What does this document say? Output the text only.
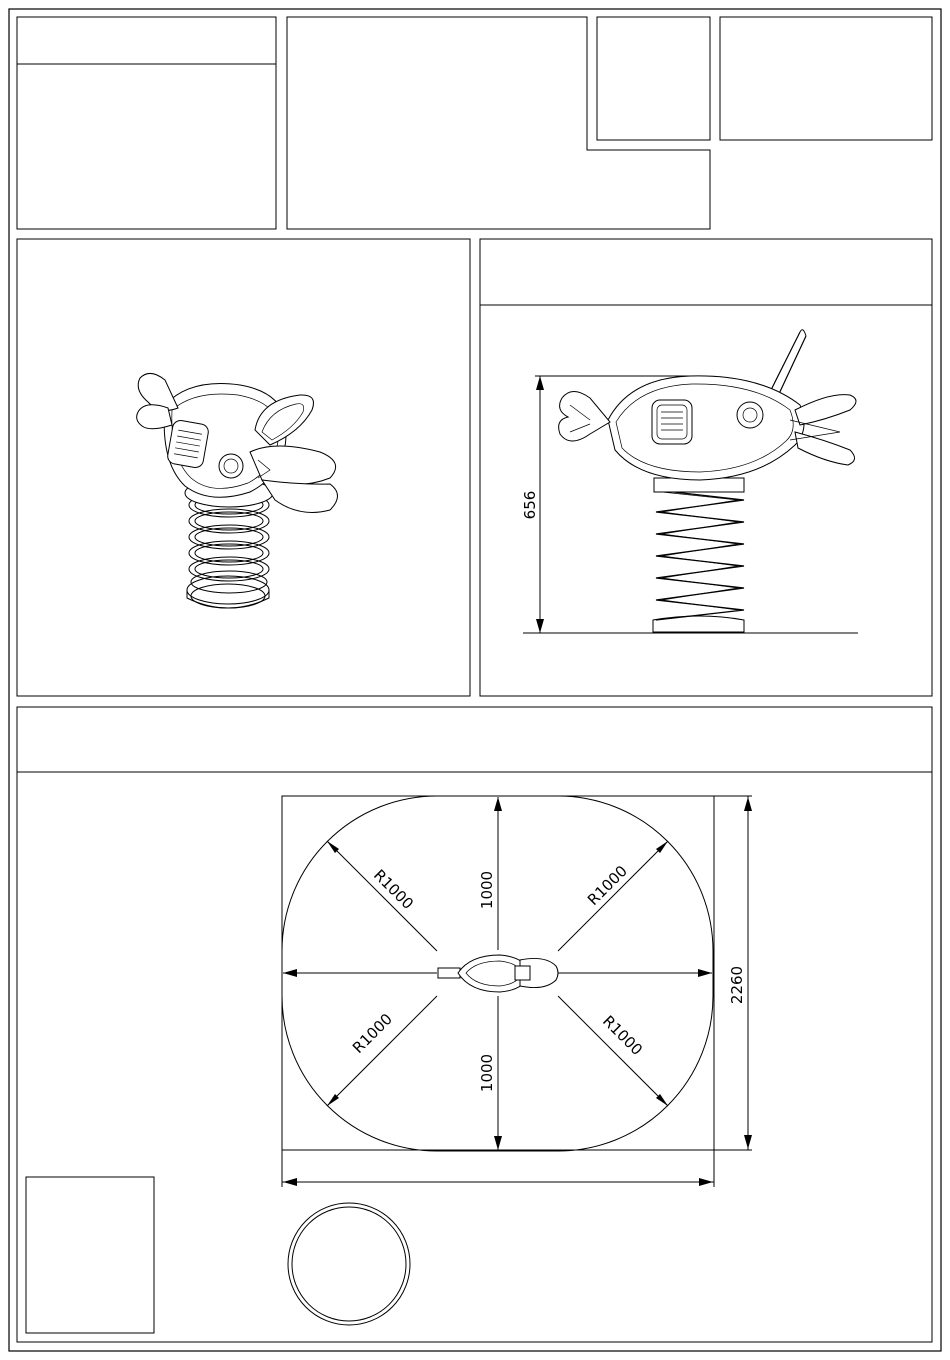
656
R1000	R1000
R1000	R1000
1000
1000
2260
